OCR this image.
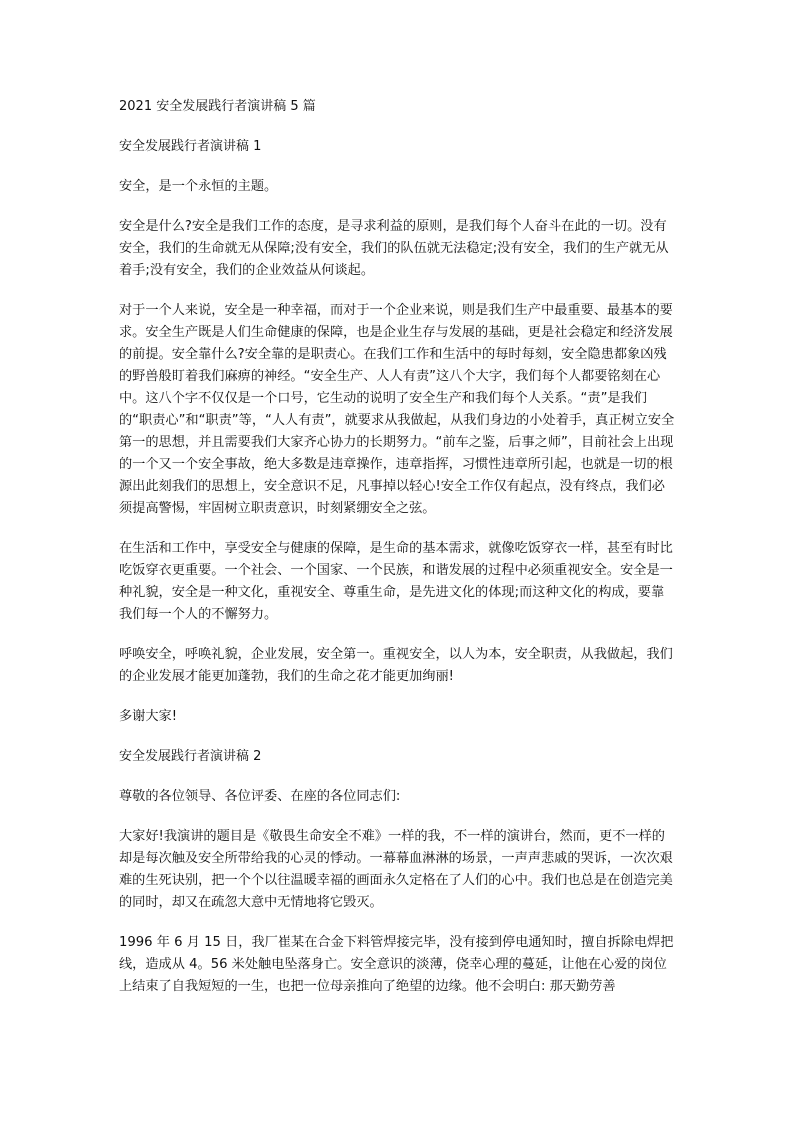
2021 安全发展践行者演讲稿 5 篇
安全发展践行者演讲稿 1

安全，是一个永恒的主题。

安全是什么?安全是我们工作的态度，是寻求利益的原则，是我们每个人奋斗在此的一切。没有安全，我们的生命就无从保障;没有安全，我们的队伍就无法稳定;没有安全，我们的生产就无从着手;没有安全，我们的企业效益从何谈起。

对于一个人来说，安全是一种幸福，而对于一个企业来说，则是我们生产中最重要、最基本的要求。安全生产既是人们生命健康的保障，也是企业生存与发展的基础，更是社会稳定和经济发展的前提。安全靠什么?安全靠的是职责心。在我们工作和生活中的每时每刻，安全隐患都象凶残的野兽般盯着我们麻痹的神经。“安全生产、人人有责”这八个大字，我们每个人都要铭刻在心中。这八个字不仅仅是一个口号，它生动的说明了安全生产和我们每个人关系。“责”是我们的“职责心”和“职责”等，“人人有责”，就要求从我做起，从我们身边的小处着手，真正树立安全第一的思想，并且需要我们大家齐心协力的长期努力。“前车之鉴，后事之师”，目前社会上出现的一个又一个安全事故，绝大多数是违章操作，违章指挥，习惯性违章所引起，也就是一切的根源出此刻我们的思想上，安全意识不足，凡事掉以轻心!安全工作仅有起点，没有终点，我们必须提高警惕，牢固树立职责意识，时刻紧绷安全之弦。

在生活和工作中，享受安全与健康的保障，是生命的基本需求，就像吃饭穿衣一样，甚至有时比吃饭穿衣更重要。一个社会、一个国家、一个民族，和谐发展的过程中必须重视安全。安全是一种礼貌，安全是一种文化，重视安全、尊重生命，是先进文化的体现;而这种文化的构成，要靠我们每一个人的不懈努力。

呼唤安全，呼唤礼貌，企业发展，安全第一。重视安全，以人为本，安全职责，从我做起，我们的企业发展才能更加蓬勃，我们的生命之花才能更加绚丽!

多谢大家!

安全发展践行者演讲稿 2

尊敬的各位领导、各位评委、在座的各位同志们:

大家好!我演讲的题目是《敬畏生命安全不难》一样的我，不一样的演讲台，然而，更不一样的却是每次触及安全所带给我的心灵的悸动。一幕幕血淋淋的场景，一声声悲戚的哭诉，一次次艰难的生死诀别，把一个个以往温暖幸福的画面永久定格在了人们的心中。我们也总是在创造完美的同时，却又在疏忽大意中无情地将它毁灭。

1996 年 6 月 15 日，我厂崔某在合金下料管焊接完毕，没有接到停电通知时，擅自拆除电焊把线，造成从 4。56 米处触电坠落身亡。安全意识的淡薄，侥幸心理的蔓延，让他在心爱的岗位上结束了自我短短的一生，也把一位母亲推向了绝望的边缘。他不会明白: 那天勤劳善
